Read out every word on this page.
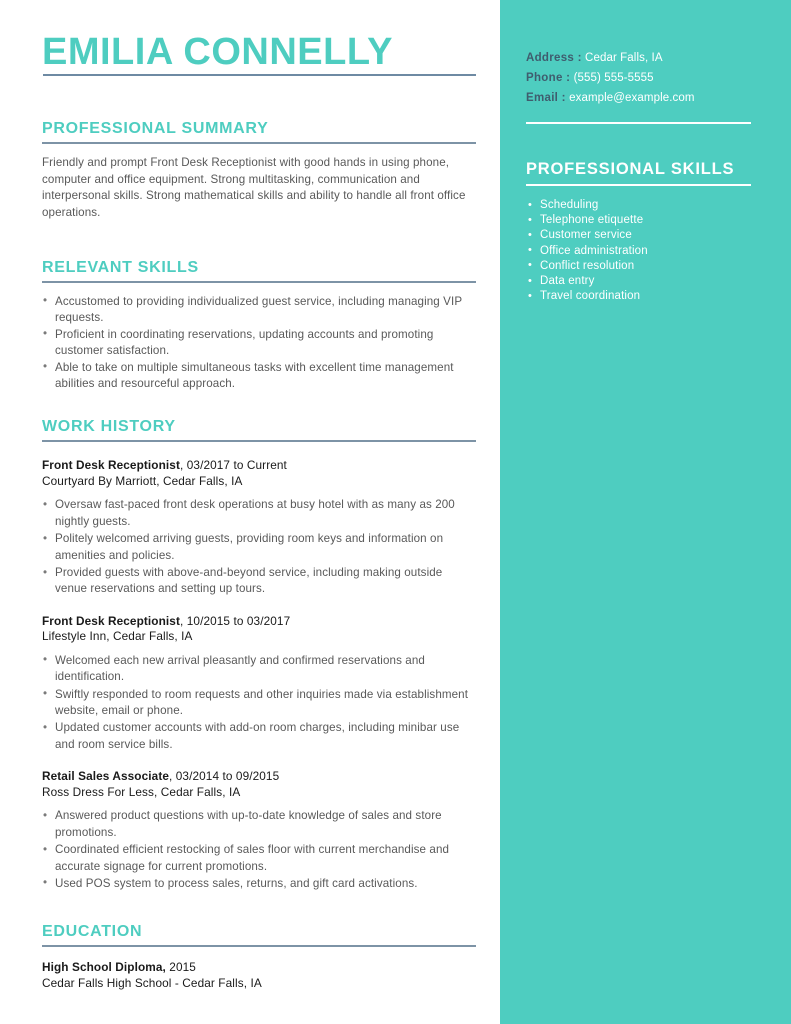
Address : Cedar Falls, IA
Phone : (555) 555-5555
Email : example@example.com
PROFESSIONAL SKILLS
• Scheduling
• Telephone etiquette
• Customer service
• Office administration
• Conflict resolution
• Data entry
• Travel coordination
EMILIA CONNELLY
PROFESSIONAL SUMMARY

Friendly and prompt Front Desk Receptionist with good hands in using phone, computer and office equipment. Strong multitasking, communication and interpersonal skills. Strong mathematical skills and ability to handle all front office operations.

RELEVANT SKILLS
• Accustomed to providing individualized guest service, including managing VIP requests.
• Proficient in coordinating reservations, updating accounts and promoting customer satisfaction.
• Able to take on multiple simultaneous tasks with excellent time management abilities and resourceful approach.
WORK HISTORY
Front Desk Receptionist, 03/2017 to Current
Courtyard By Marriott, Cedar Falls, IA
• Oversaw fast-paced front desk operations at busy hotel with as many as 200 nightly guests.
• Politely welcomed arriving guests, providing room keys and information on amenities and policies.
• Provided guests with above-and-beyond service, including making outside venue reservations and setting up tours.
Front Desk Receptionist, 10/2015 to 03/2017
Lifestyle Inn, Cedar Falls, IA
• Welcomed each new arrival pleasantly and confirmed reservations and identification.
• Swiftly responded to room requests and other inquiries made via establishment website, email or phone.
• Updated customer accounts with add-on room charges, including minibar use and room service bills.
Retail Sales Associate, 03/2014 to 09/2015
Ross Dress For Less, Cedar Falls, IA
• Answered product questions with up-to-date knowledge of sales and store promotions.
• Coordinated efficient restocking of sales floor with current merchandise and accurate signage for current promotions.
• Used POS system to process sales, returns, and gift card activations.
EDUCATION
High School Diploma, 2015
Cedar Falls High School - Cedar Falls, IA
